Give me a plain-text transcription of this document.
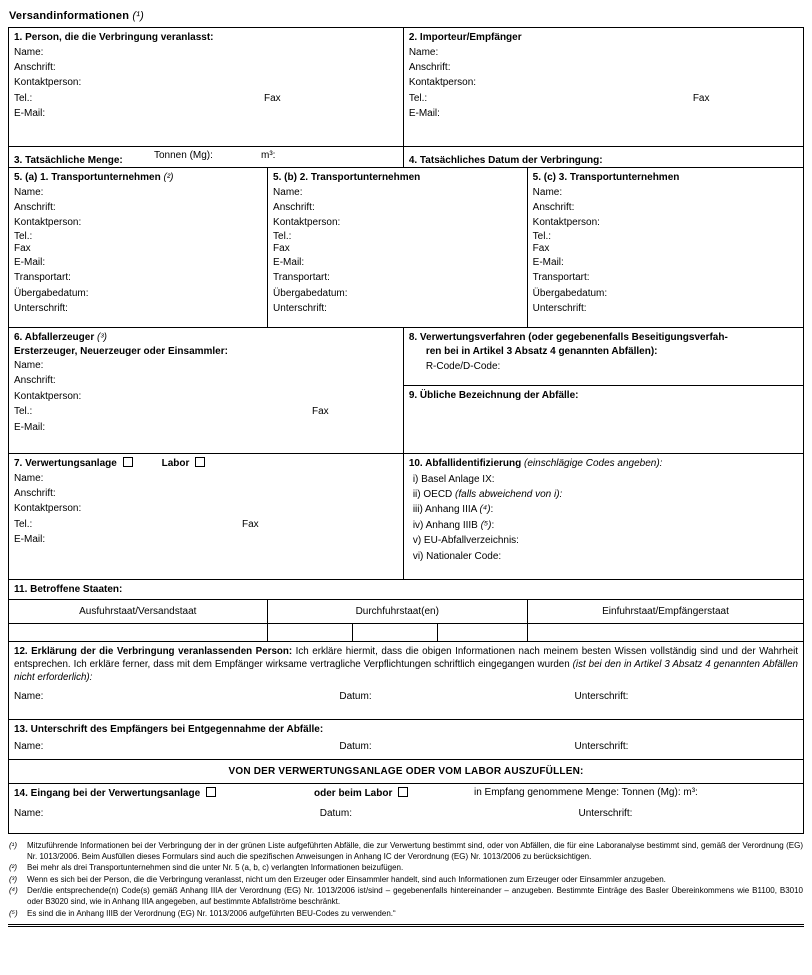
Versandinformationen (¹)
1. Person, die die Verbringung veranlasst:
Name:
Anschrift:
Kontaktperson:
Tel.:	Fax
E-Mail:
2. Importeur/Empfänger
Name:
Anschrift:
Kontaktperson:
Tel.:	Fax
E-Mail:
3. Tatsächliche Menge:	Tonnen (Mg):	m³:	4. Tatsächliches Datum der Verbringung:
5. (a) 1. Transportunternehmen (²)
Name:
Anschrift:
Kontaktperson:
Tel.:
Fax
E-Mail:
Transportart:
Übergabedatum:
Unterschrift:
5. (b) 2. Transportunternehmen
Name:
Anschrift:
Kontaktperson:
Tel.:
Fax
E-Mail:
Transportart:
Übergabedatum:
Unterschrift:
5. (c) 3. Transportunternehmen
Name:
Anschrift:
Kontaktperson:
Tel.:
Fax
E-Mail:
Transportart:
Übergabedatum:
Unterschrift:
6. Abfallerzeuger (³)
Ersterzeuger, Neuerzeuger oder Einsammler:
Name:
Anschrift:
Kontaktperson:
Tel.:	Fax
E-Mail:
8. Verwertungsverfahren (oder gegebenenfalls Beseitigungsverfah-
ren bei in Artikel 3 Absatz 4 genannten Abfällen):
R-Code/D-Code:
9. Übliche Bezeichnung der Abfälle:
7. Verwertungsanlage	Labor
Name:
Anschrift:
Kontaktperson:
Tel.:	Fax
E-Mail:
10. Abfallidentifizierung (einschlägige Codes angeben):
i) Basel Anlage IX:
ii) OECD (falls abweichend von i):
iii) Anhang IIIA (⁴):
iv) Anhang IIIB (⁵):
v) EU-Abfallverzeichnis:
vi) Nationaler Code:
11. Betroffene Staaten:
Ausfuhrstaat/Versandstaat	Durchfuhrstaat(en)			Einfuhrstaat/Empfängerstaat

12. Erklärung der die Verbringung veranlassenden Person: Ich erkläre hiermit, dass die obigen Informationen nach meinem besten Wissen vollständig sind und der Wahrheit entsprechen. Ich erkläre ferner, dass mit dem Empfänger wirksame vertragliche Verpflichtungen schriftlich eingegangen wurden (ist bei den in Artikel 3 Absatz 4 genannten Abfällen nicht erforderlich):
Name:	Datum:	Unterschrift:
13. Unterschrift des Empfängers bei Entgegennahme der Abfälle:
Name:	Datum:	Unterschrift:
VON DER VERWERTUNGSANLAGE ODER VOM LABOR AUSZUFÜLLEN:
14. Eingang bei der Verwertungsanlage	oder beim Labor	in Empfang genommene Menge: Tonnen (Mg): m³:
Name:	Datum:	Unterschrift:
(¹)	Mitzuführende Informationen bei der Verbringung der in der grünen Liste aufgeführten Abfälle, die zur Verwertung bestimmt sind, oder von Abfällen, die für eine Laboranalyse bestimmt sind, gemäß der Verordnung (EG) Nr. 1013/2006. Beim Ausfüllen dieses Formulars sind auch die spezifischen Anweisungen in Anhang IC der Verordnung (EG) Nr. 1013/2006 zu berücksichtigen.
(²)	Bei mehr als drei Transportunternehmen sind die unter Nr. 5 (a, b, c) verlangten Informationen beizufügen.
(³)	Wenn es sich bei der Person, die die Verbringung veranlasst, nicht um den Erzeuger oder Einsammler handelt, sind auch Informationen zum Erzeuger oder Einsammler anzugeben.
(⁴)	Der/die entsprechende(n) Code(s) gemäß Anhang IIIA der Verordnung (EG) Nr. 1013/2006 ist/sind – gegebenenfalls hintereinander – anzugeben. Bestimmte Einträge des Basler Übereinkommens wie B1100, B3010 oder B3020 sind, wie in Anhang IIIA angegeben, auf bestimmte Abfallströme beschränkt.
(⁵)	Es sind die in Anhang IIIB der Verordnung (EG) Nr. 1013/2006 aufgeführten BEU-Codes zu verwenden.“
